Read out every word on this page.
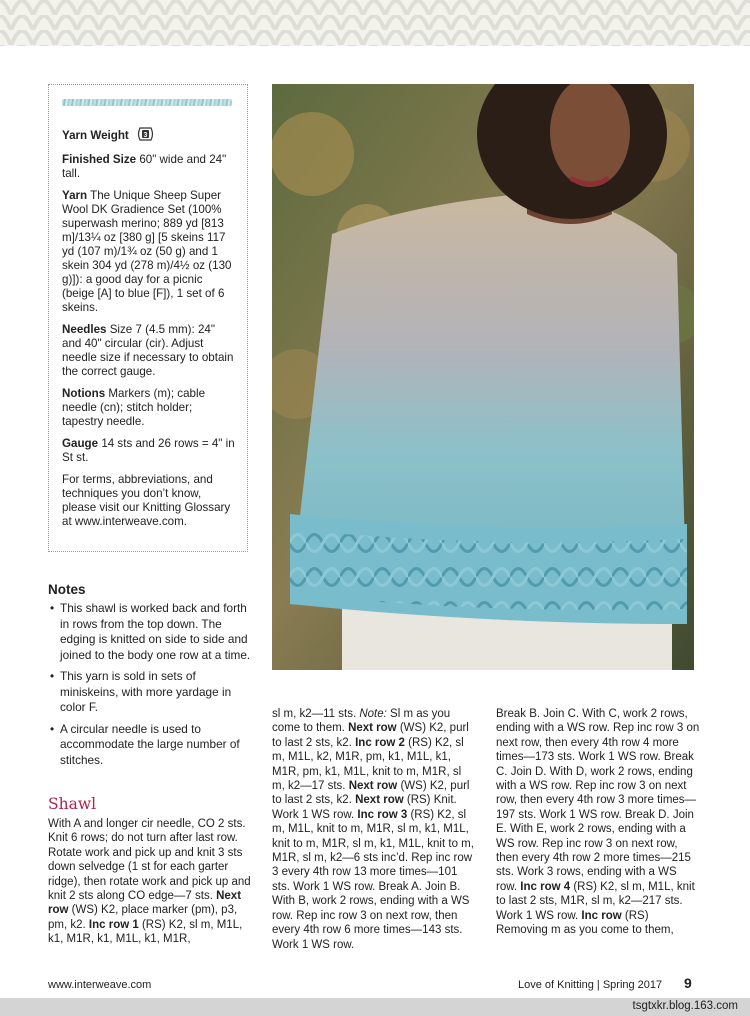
Yarn Weight 3

Finished Size 60" wide and 24" tall.

Yarn The Unique Sheep Super Wool DK Gradience Set (100% superwash merino; 889 yd [813 m]/13¼ oz [380 g] [5 skeins 117 yd (107 m)/1¾ oz (50 g) and 1 skein 304 yd (278 m)/4½ oz (130 g)]): a good day for a picnic (beige [A] to blue [F]), 1 set of 6 skeins.

Needles Size 7 (4.5 mm): 24" and 40" circular (cir). Adjust needle size if necessary to obtain the correct gauge.

Notions Markers (m); cable needle (cn); stitch holder; tapestry needle.

Gauge 14 sts and 26 rows = 4" in St st.

For terms, abbreviations, and techniques you don’t know, please visit our Knitting Glossary at www.interweave.com.

Notes
• This shawl is worked back and forth in rows from the top down. The edging is knitted on side to side and joined to the body one row at a time.
• This yarn is sold in sets of miniskeins, with more yardage in color F.
• A circular needle is used to accommodate the large number of stitches.
Shawl
With A and longer cir needle, CO 2 sts. Knit 6 rows; do not turn after last row. Rotate work and pick up and knit 3 sts down selvedge (1 st for each garter ridge), then rotate work and pick up and knit 2 sts along CO edge—7 sts. Next row (WS) K2, place marker (pm), p3, pm, k2. Inc row 1 (RS) K2, sl m, M1L, k1, M1R, k1, M1L, k1, M1R,
sl m, k2—11 sts. Note: Sl m as you come to them. Next row (WS) K2, purl to last 2 sts, k2. Inc row 2 (RS) K2, sl m, M1L, k2, M1R, pm, k1, M1L, k1, M1R, pm, k1, M1L, knit to m, M1R, sl m, k2—17 sts. Next row (WS) K2, purl to last 2 sts, k2. Next row (RS) Knit. Work 1 WS row. Inc row 3 (RS) K2, sl m, M1L, knit to m, M1R, sl m, k1, M1L, knit to m, M1R, sl m, k1, M1L, knit to m, M1R, sl m, k2—6 sts inc’d. Rep inc row 3 every 4th row 13 more times—101 sts. Work 1 WS row. Break A. Join B. With B, work 2 rows, ending with a WS row. Rep inc row 3 on next row, then every 4th row 6 more times—143 sts. Work 1 WS row.
Break B. Join C. With C, work 2 rows, ending with a WS row. Rep inc row 3 on next row, then every 4th row 4 more times—173 sts. Work 1 WS row. Break C. Join D. With D, work 2 rows, ending with a WS row. Rep inc row 3 on next row, then every 4th row 3 more times—197 sts. Work 1 WS row. Break D. Join E. With E, work 2 rows, ending with a WS row. Rep inc row 3 on next row, then every 4th row 2 more times—215 sts. Work 3 rows, ending with a WS row. Inc row 4 (RS) K2, sl m, M1L, knit to last 2 sts, M1R, sl m, k2—217 sts. Work 1 WS row. Inc row (RS) Removing m as you come to them,
www.interweave.com	Love of Knitting | Spring 2017 9
tsgtxkr.blog.163.com
